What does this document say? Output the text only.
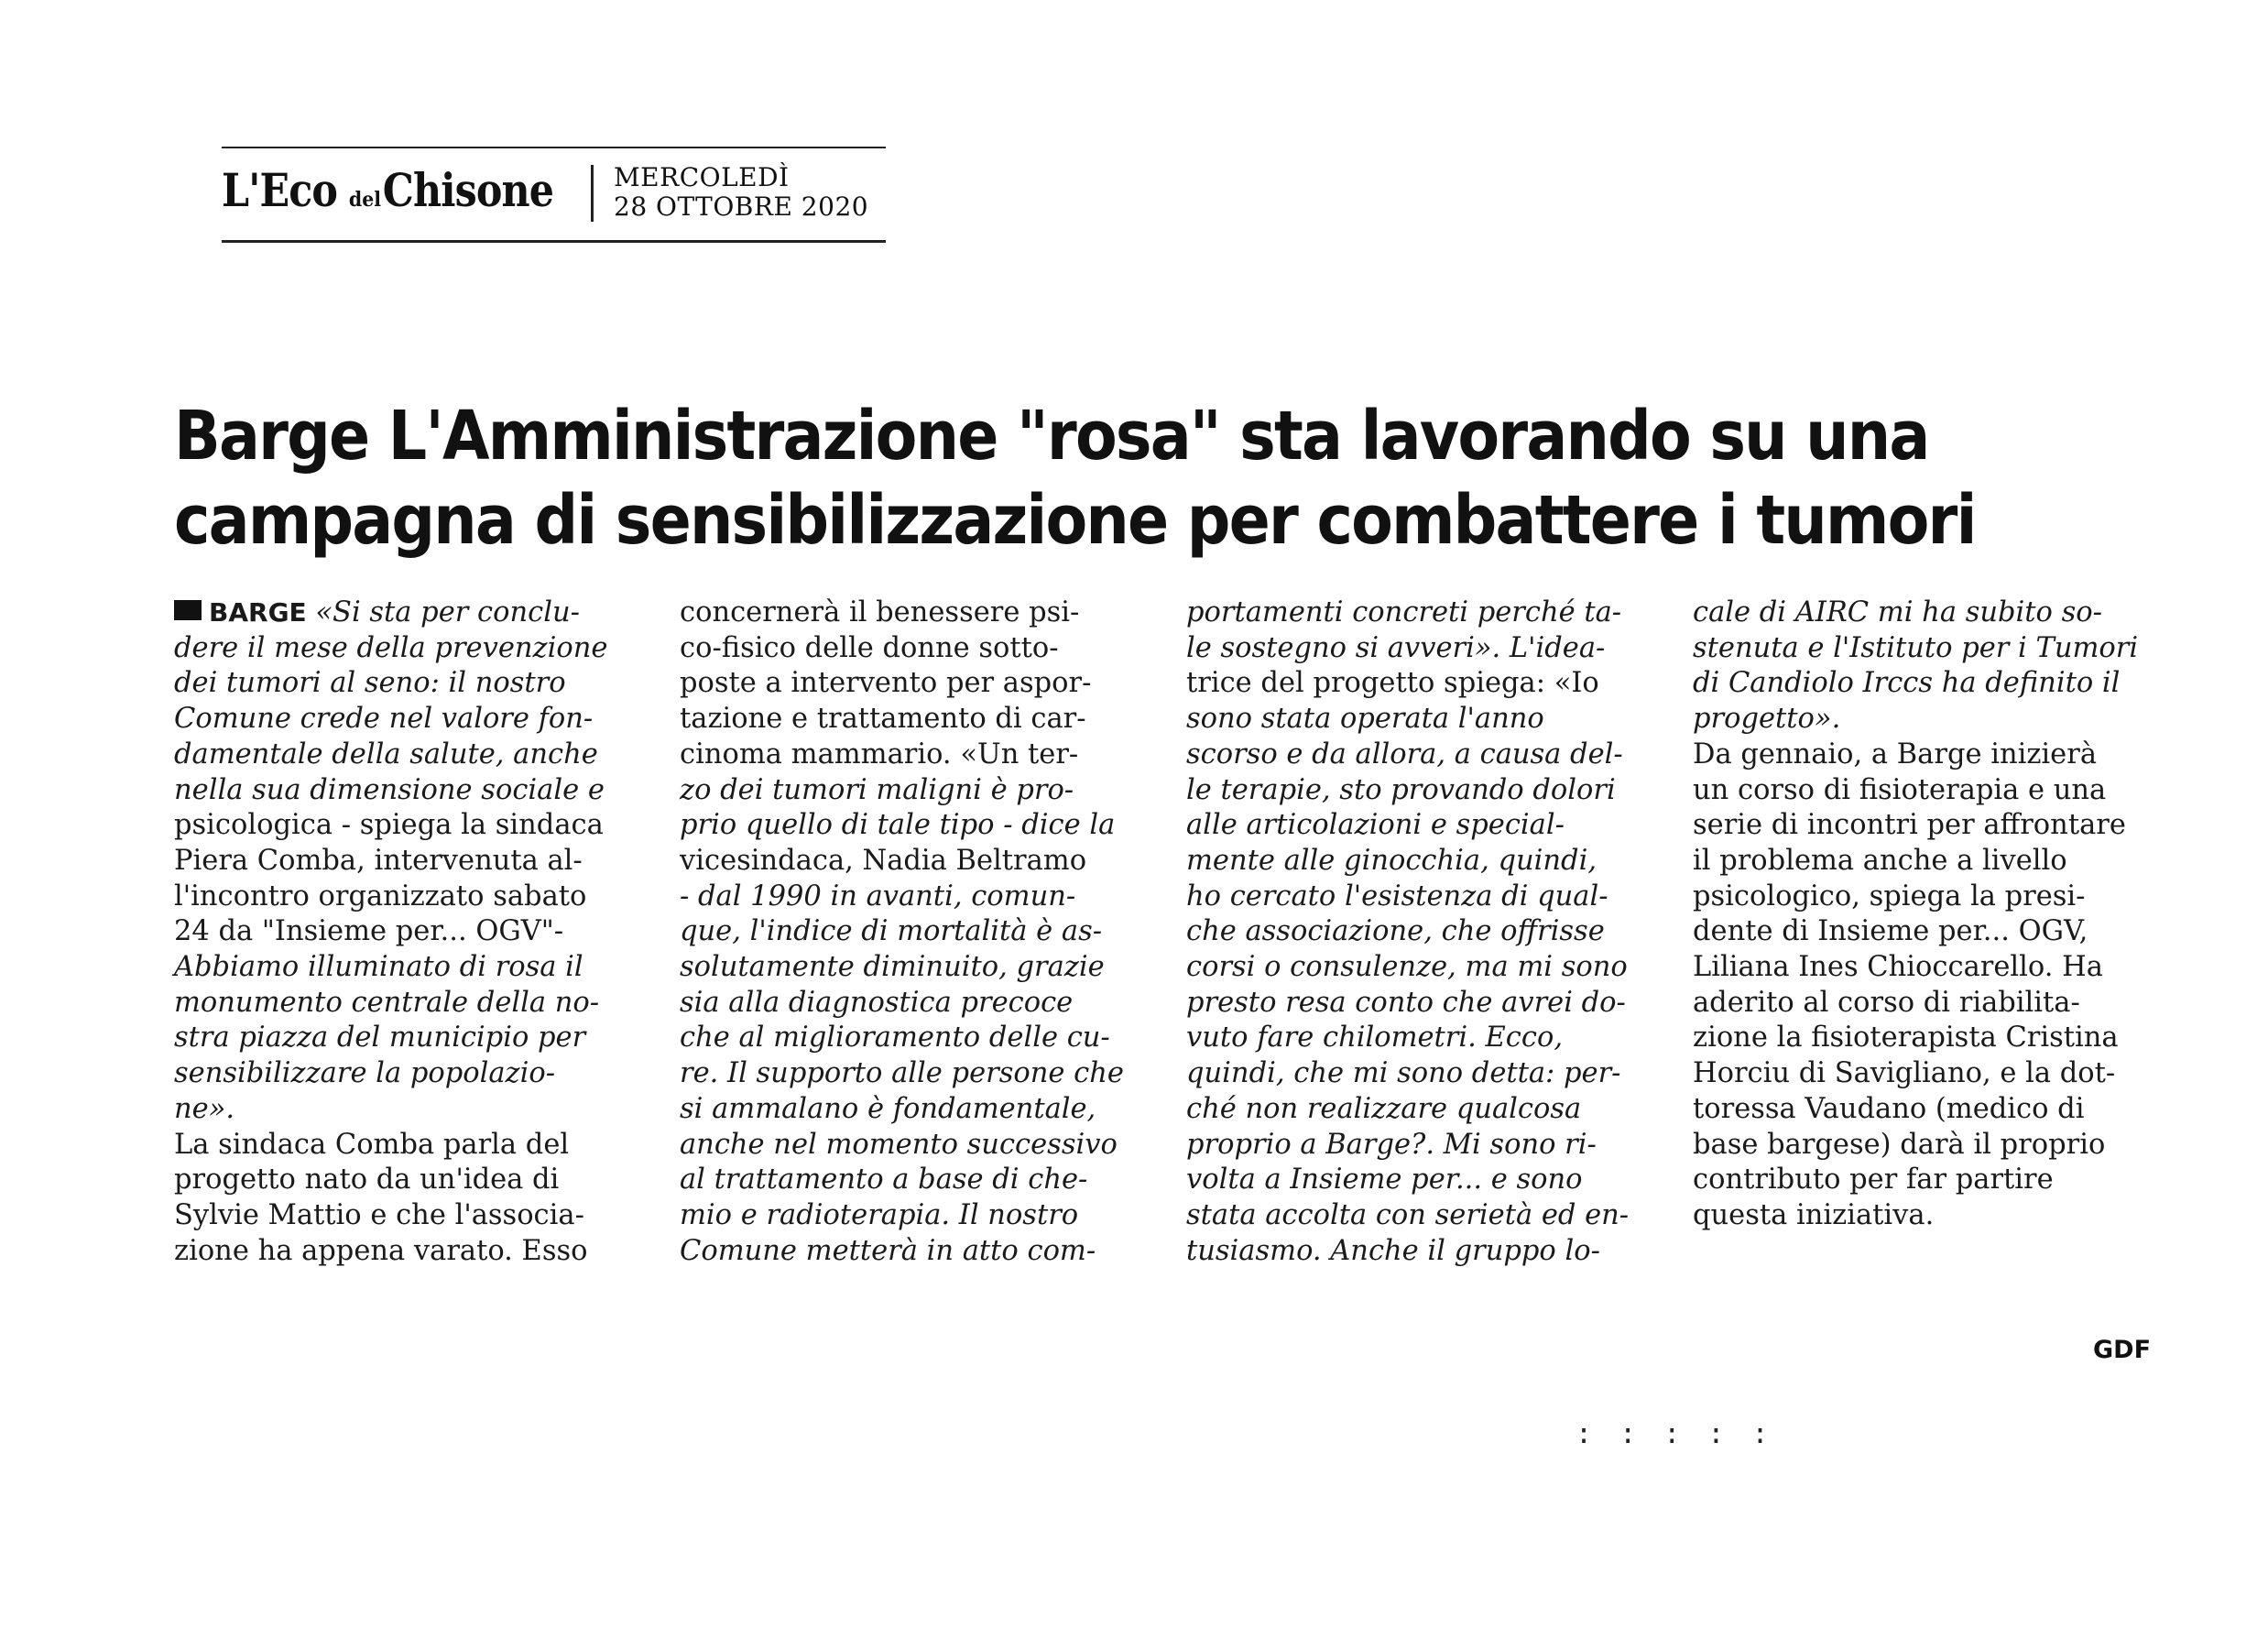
L'Eco del Chisone MERCOLEDÌ
28 OTTOBRE 2020
Barge L'Amministrazione "rosa" sta lavorando su una
campagna di sensibilizzazione per combattere i tumori
BARGE «Si sta per conclu-
dere il mese della prevenzione
dei tumori al seno: il nostro
Comune crede nel valore fon-
damentale della salute, anche
nella sua dimensione sociale e
psicologica - spiega la sindaca
Piera Comba, intervenuta al-
l'incontro organizzato sabato
24 da "Insieme per... OGV"-
Abbiamo illuminato di rosa il
monumento centrale della no-
stra piazza del municipio per
sensibilizzare la popolazio-
ne».
La sindaca Comba parla del
progetto nato da un'idea di
Sylvie Mattio e che l'associa-
zione ha appena varato. Esso
concernerà il benessere psi-
co-fisico delle donne sotto-
poste a intervento per aspor-
tazione e trattamento di car-
cinoma mammario. «Un ter-
zo dei tumori maligni è pro-
prio quello di tale tipo - dice la
vicesindaca, Nadia Beltramo
- dal 1990 in avanti, comun-
que, l'indice di mortalità è as-
solutamente diminuito, grazie
sia alla diagnostica precoce
che al miglioramento delle cu-
re. Il supporto alle persone che
si ammalano è fondamentale,
anche nel momento successivo
al trattamento a base di che-
mio e radioterapia. Il nostro
Comune metterà in atto com-
portamenti concreti perché ta-
le sostegno si avveri». L'idea-
trice del progetto spiega: «Io
sono stata operata l'anno
scorso e da allora, a causa del-
le terapie, sto provando dolori
alle articolazioni e special-
mente alle ginocchia, quindi,
ho cercato l'esistenza di qual-
che associazione, che offrisse
corsi o consulenze, ma mi sono
presto resa conto che avrei do-
vuto fare chilometri. Ecco,
quindi, che mi sono detta: per-
ché non realizzare qualcosa
proprio a Barge?. Mi sono ri-
volta a Insieme per... e sono
stata accolta con serietà ed en-
tusiasmo. Anche il gruppo lo-
cale di AIRC mi ha subito so-
stenuta e l'Istituto per i Tumori
di Candiolo Irccs ha definito il
progetto».
Da gennaio, a Barge inizierà
un corso di fisioterapia e una
serie di incontri per affrontare
il problema anche a livello
psicologico, spiega la presi-
dente di Insieme per... OGV,
Liliana Ines Chioccarello. Ha
aderito al corso di riabilita-
zione la fisioterapista Cristina
Horciu di Savigliano, e la dot-
toressa Vaudano (medico di
base bargese) darà il proprio
contributo per far partire
questa iniziativa.
GDF
: : : : :
